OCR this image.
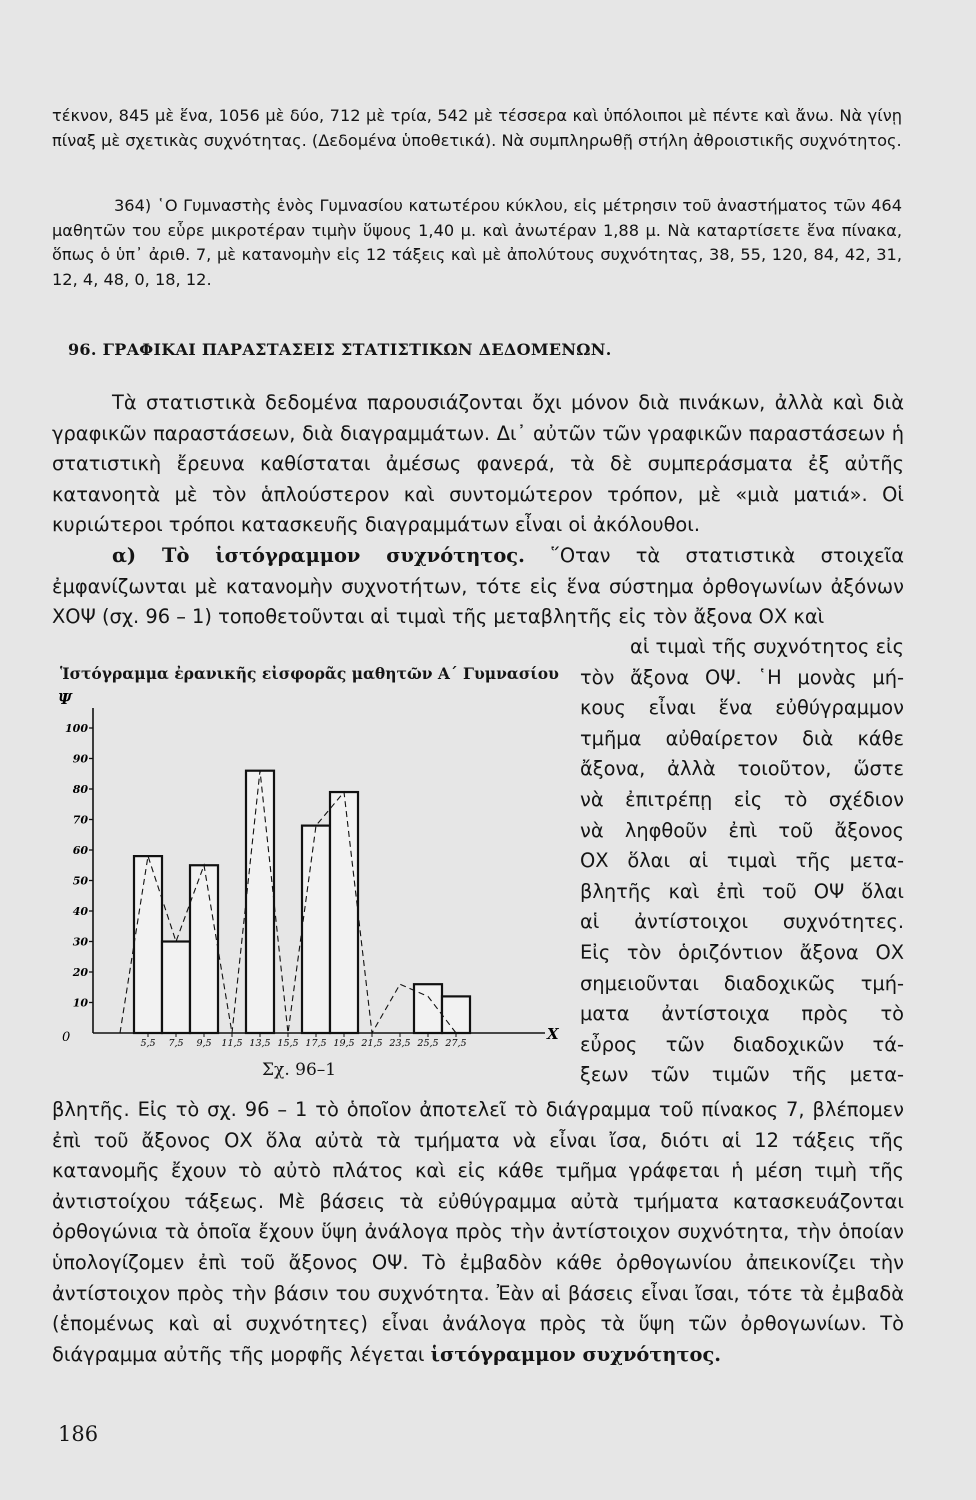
τέκνον, 845 μὲ ἕνα, 1056 μὲ δύο, 712 μὲ τρία, 542 μὲ τέσσερα καὶ ὑπόλοιποι μὲ πέντε καὶ ἄνω. Νὰ γίνῃ πίναξ μὲ σχετικὰς συχνότητας. (Δεδομένα ὑποθετικά). Νὰ συμπληρωθῇ στήλη ἀθροιστικῆς συχνότητος.

364) ῾Ο Γυμναστὴς ἑνὸς Γυμνασίου κατωτέρου κύκλου, εἰς μέτρησιν τοῦ ἀναστήματος τῶν 464 μαθητῶν του εὗρε μικροτέραν τιμὴν ὕψους 1,40 μ. καὶ ἀνωτέραν 1,88 μ. Νὰ καταρτίσετε ἕνα πίνακα, ὅπως ὁ ὑπ᾽ ἀριθ. 7, μὲ κατανομὴν εἰς 12 τάξεις καὶ μὲ ἀπολύτους συχνότητας, 38, 55, 120, 84, 42, 31, 12, 4, 48, 0, 18, 12.

96. ΓΡΑΦΙΚΑΙ ΠΑΡΑΣΤΑΣΕΙΣ ΣΤΑΤΙΣΤΙΚΩΝ ΔΕΔΟΜΕΝΩΝ.

Τὰ στατιστικὰ δεδομένα παρουσιάζονται ὄχι μόνον διὰ πινάκων, ἀλλὰ καὶ διὰ γραφικῶν παραστάσεων, διὰ διαγραμμάτων. Δι᾽ αὐτῶν τῶν γραφικῶν παραστάσεων ἡ στατιστικὴ ἔρευνα καθίσταται ἀμέσως φανερά, τὰ δὲ συμπεράσματα ἐξ αὐτῆς κατανοητὰ μὲ τὸν ἁπλούστερον καὶ συντομώτερον τρόπον, μὲ «μιὰ ματιά». Οἱ κυριώτεροι τρόποι κατασκευῆς διαγραμμάτων εἶναι οἱ ἀκόλουθοι.

α) Τὸ ἱστόγραμμον συχνότητος. ῞Οταν τὰ στατιστικὰ στοιχεῖα ἐμφανίζωνται μὲ κατανομὴν συχνοτήτων, τότε εἰς ἕνα σύστημα ὀρθογωνίων ἀξόνων ΧΟΨ (σχ. 96 – 1) τοποθετοῦνται αἱ τιμαὶ τῆς μεταβλητῆς εἰς τὸν ἄξονα ΟΧ καὶ

Ἱστόγραμμα ἐρανικῆς εἰσφορᾶς μαθητῶν Α΄ Γυμνασίου
Ψ
Χ
0
10
20
30
40
50
60
70
80
90
100
5,5 7,5 9,5 11,5 13,5 15,5 17,5 19,5 21,5 23,5 25,5 27,5
Σχ. 96–1

αἱ τιμαὶ τῆς συχνότητος εἰς

τὸν ἄξονα ΟΨ. ῾Η μονὰς μή-

κους εἶναι ἕνα εὐθύγραμμον

τμῆμα αὐθαίρετον διὰ κάθε

ἄξονα, ἀλλὰ τοιοῦτον, ὥστε

νὰ ἐπιτρέπῃ εἰς τὸ σχέδιον

νὰ ληφθοῦν ἐπὶ τοῦ ἄξονος

ΟΧ ὅλαι αἱ τιμαὶ τῆς μετα-

βλητῆς καὶ ἐπὶ τοῦ ΟΨ ὅλαι

αἱ ἀντίστοιχοι συχνότητες.

Εἰς τὸν ὁριζόντιον ἄξονα ΟΧ

σημειοῦνται διαδοχικῶς τμή-

ματα ἀντίστοιχα πρὸς τὸ

εὖρος τῶν διαδοχικῶν τά-

ξεων τῶν τιμῶν τῆς μετα-

βλητῆς. Εἰς τὸ σχ. 96 – 1 τὸ ὁποῖον ἀποτελεῖ τὸ διάγραμμα τοῦ πίνακος 7, βλέπομεν ἐπὶ τοῦ ἄξονος ΟΧ ὅλα αὐτὰ τὰ τμήματα νὰ εἶναι ἴσα, διότι αἱ 12 τάξεις τῆς κατανομῆς ἔχουν τὸ αὐτὸ πλάτος καὶ εἰς κάθε τμῆμα γράφεται ἡ μέση τιμὴ τῆς ἀντιστοίχου τάξεως. Μὲ βάσεις τὰ εὐθύγραμμα αὐτὰ τμήματα κατασκευάζονται ὀρθογώνια τὰ ὁποῖα ἔχουν ὕψη ἀνάλογα πρὸς τὴν ἀντίστοιχον συχνότητα, τὴν ὁποίαν ὑπολογίζομεν ἐπὶ τοῦ ἄξονος ΟΨ. Τὸ ἐμβαδὸν κάθε ὀρθογωνίου ἀπεικονίζει τὴν ἀντίστοιχον πρὸς τὴν βάσιν του συχνότητα. Ἐὰν αἱ βάσεις εἶναι ἴσαι, τότε τὰ ἐμβαδὰ (ἑπομένως καὶ αἱ συχνότητες) εἶναι ἀνάλογα πρὸς τὰ ὕψη τῶν ὀρθογωνίων. Τὸ διάγραμμα αὐτῆς τῆς μορφῆς λέγεται ἱστόγραμμον συχνότητος.

186
